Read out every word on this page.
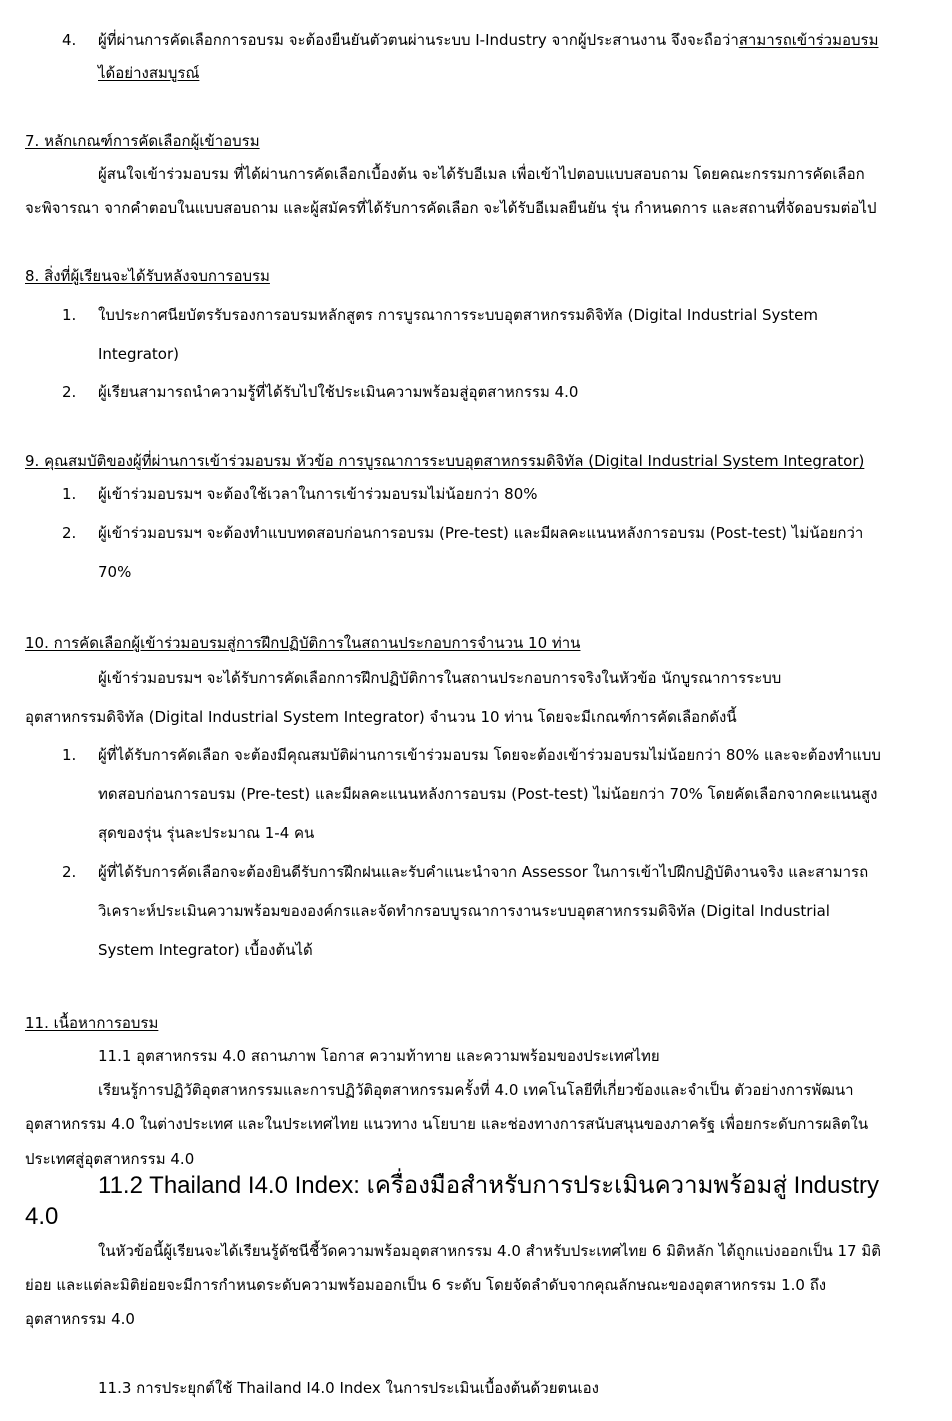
4. ผู้ที่ผ่านการคัดเลือกการอบรม จะต้องยืนยันตัวตนผ่านระบบ I-Industry จากผู้ประสานงาน จึงจะถือว่าสามารถเข้าร่วมอบรม
ได้อย่างสมบูรณ์
7. หลักเกณฑ์การคัดเลือกผู้เข้าอบรม
ผู้สนใจเข้าร่วมอบรม ที่ได้ผ่านการคัดเลือกเบื้องต้น จะได้รับอีเมล เพื่อเข้าไปตอบแบบสอบถาม โดยคณะกรรมการคัดเลือก
จะพิจารณา จากคำตอบในแบบสอบถาม และผู้สมัครที่ได้รับการคัดเลือก จะได้รับอีเมลยืนยัน รุ่น กำหนดการ และสถานที่จัดอบรมต่อไป
8. สิ่งที่ผู้เรียนจะได้รับหลังจบการอบรม
1. ใบประกาศนียบัตรรับรองการอบรมหลักสูตร การบูรณาการระบบอุตสาหกรรมดิจิทัล (Digital Industrial System
Integrator)
2. ผู้เรียนสามารถนำความรู้ที่ได้รับไปใช้ประเมินความพร้อมสู่อุตสาหกรรม 4.0
9. คุณสมบัติของผู้ที่ผ่านการเข้าร่วมอบรม หัวข้อ การบูรณาการระบบอุตสาหกรรมดิจิทัล (Digital Industrial System Integrator)
1. ผู้เข้าร่วมอบรมฯ จะต้องใช้เวลาในการเข้าร่วมอบรมไม่น้อยกว่า 80%
2. ผู้เข้าร่วมอบรมฯ จะต้องทำแบบทดสอบก่อนการอบรม (Pre-test) และมีผลคะแนนหลังการอบรม (Post-test) ไม่น้อยกว่า
70%
10. การคัดเลือกผู้เข้าร่วมอบรมสู่การฝึกปฏิบัติการในสถานประกอบการจำนวน 10 ท่าน
ผู้เข้าร่วมอบรมฯ จะได้รับการคัดเลือกการฝึกปฏิบัติการในสถานประกอบการจริงในหัวข้อ นักบูรณาการระบบ
อุตสาหกรรมดิจิทัล (Digital Industrial System Integrator) จำนวน 10 ท่าน โดยจะมีเกณฑ์การคัดเลือกดังนี้
1. ผู้ที่ได้รับการคัดเลือก จะต้องมีคุณสมบัติผ่านการเข้าร่วมอบรม โดยจะต้องเข้าร่วมอบรมไม่น้อยกว่า 80% และจะต้องทำแบบ
ทดสอบก่อนการอบรม (Pre-test) และมีผลคะแนนหลังการอบรม (Post-test) ไม่น้อยกว่า 70% โดยคัดเลือกจากคะแนนสูง
สุดของรุ่น รุ่นละประมาณ 1-4 คน
2. ผู้ที่ได้รับการคัดเลือกจะต้องยินดีรับการฝึกฝนและรับคำแนะนำจาก Assessor ในการเข้าไปฝึกปฏิบัติงานจริง และสามารถ
วิเคราะห์ประเมินความพร้อมขององค์กรและจัดทำกรอบบูรณาการงานระบบอุตสาหกรรมดิจิทัล (Digital Industrial
System Integrator) เบื้องต้นได้
11. เนื้อหาการอบรม
11.1 อุตสาหกรรม 4.0 สถานภาพ โอกาส ความท้าทาย และความพร้อมของประเทศไทย
เรียนรู้การปฏิวัติอุตสาหกรรมและการปฏิวัติอุตสาหกรรมครั้งที่ 4.0 เทคโนโลยีที่เกี่ยวข้องและจำเป็น ตัวอย่างการพัฒนา
อุตสาหกรรม 4.0 ในต่างประเทศ และในประเทศไทย แนวทาง นโยบาย และช่องทางการสนับสนุนของภาครัฐ เพื่อยกระดับการผลิตใน
ประเทศสู่อุตสาหกรรม 4.0
11.2 Thailand I4.0 Index: เครื่องมือสำหรับการประเมินความพร้อมสู่ Industry
4.0
ในหัวข้อนี้ผู้เรียนจะได้เรียนรู้ดัชนีชี้วัดความพร้อมอุตสาหกรรม 4.0 สำหรับประเทศไทย 6 มิติหลัก ได้ถูกแบ่งออกเป็น 17 มิติ
ย่อย และแต่ละมิติย่อยจะมีการกำหนดระดับความพร้อมออกเป็น 6 ระดับ โดยจัดลำดับจากคุณลักษณะของอุตสาหกรรม 1.0 ถึง
อุตสาหกรรม 4.0
11.3 การประยุกต์ใช้ Thailand I4.0 Index ในการประเมินเบื้องต้นด้วยตนเอง
